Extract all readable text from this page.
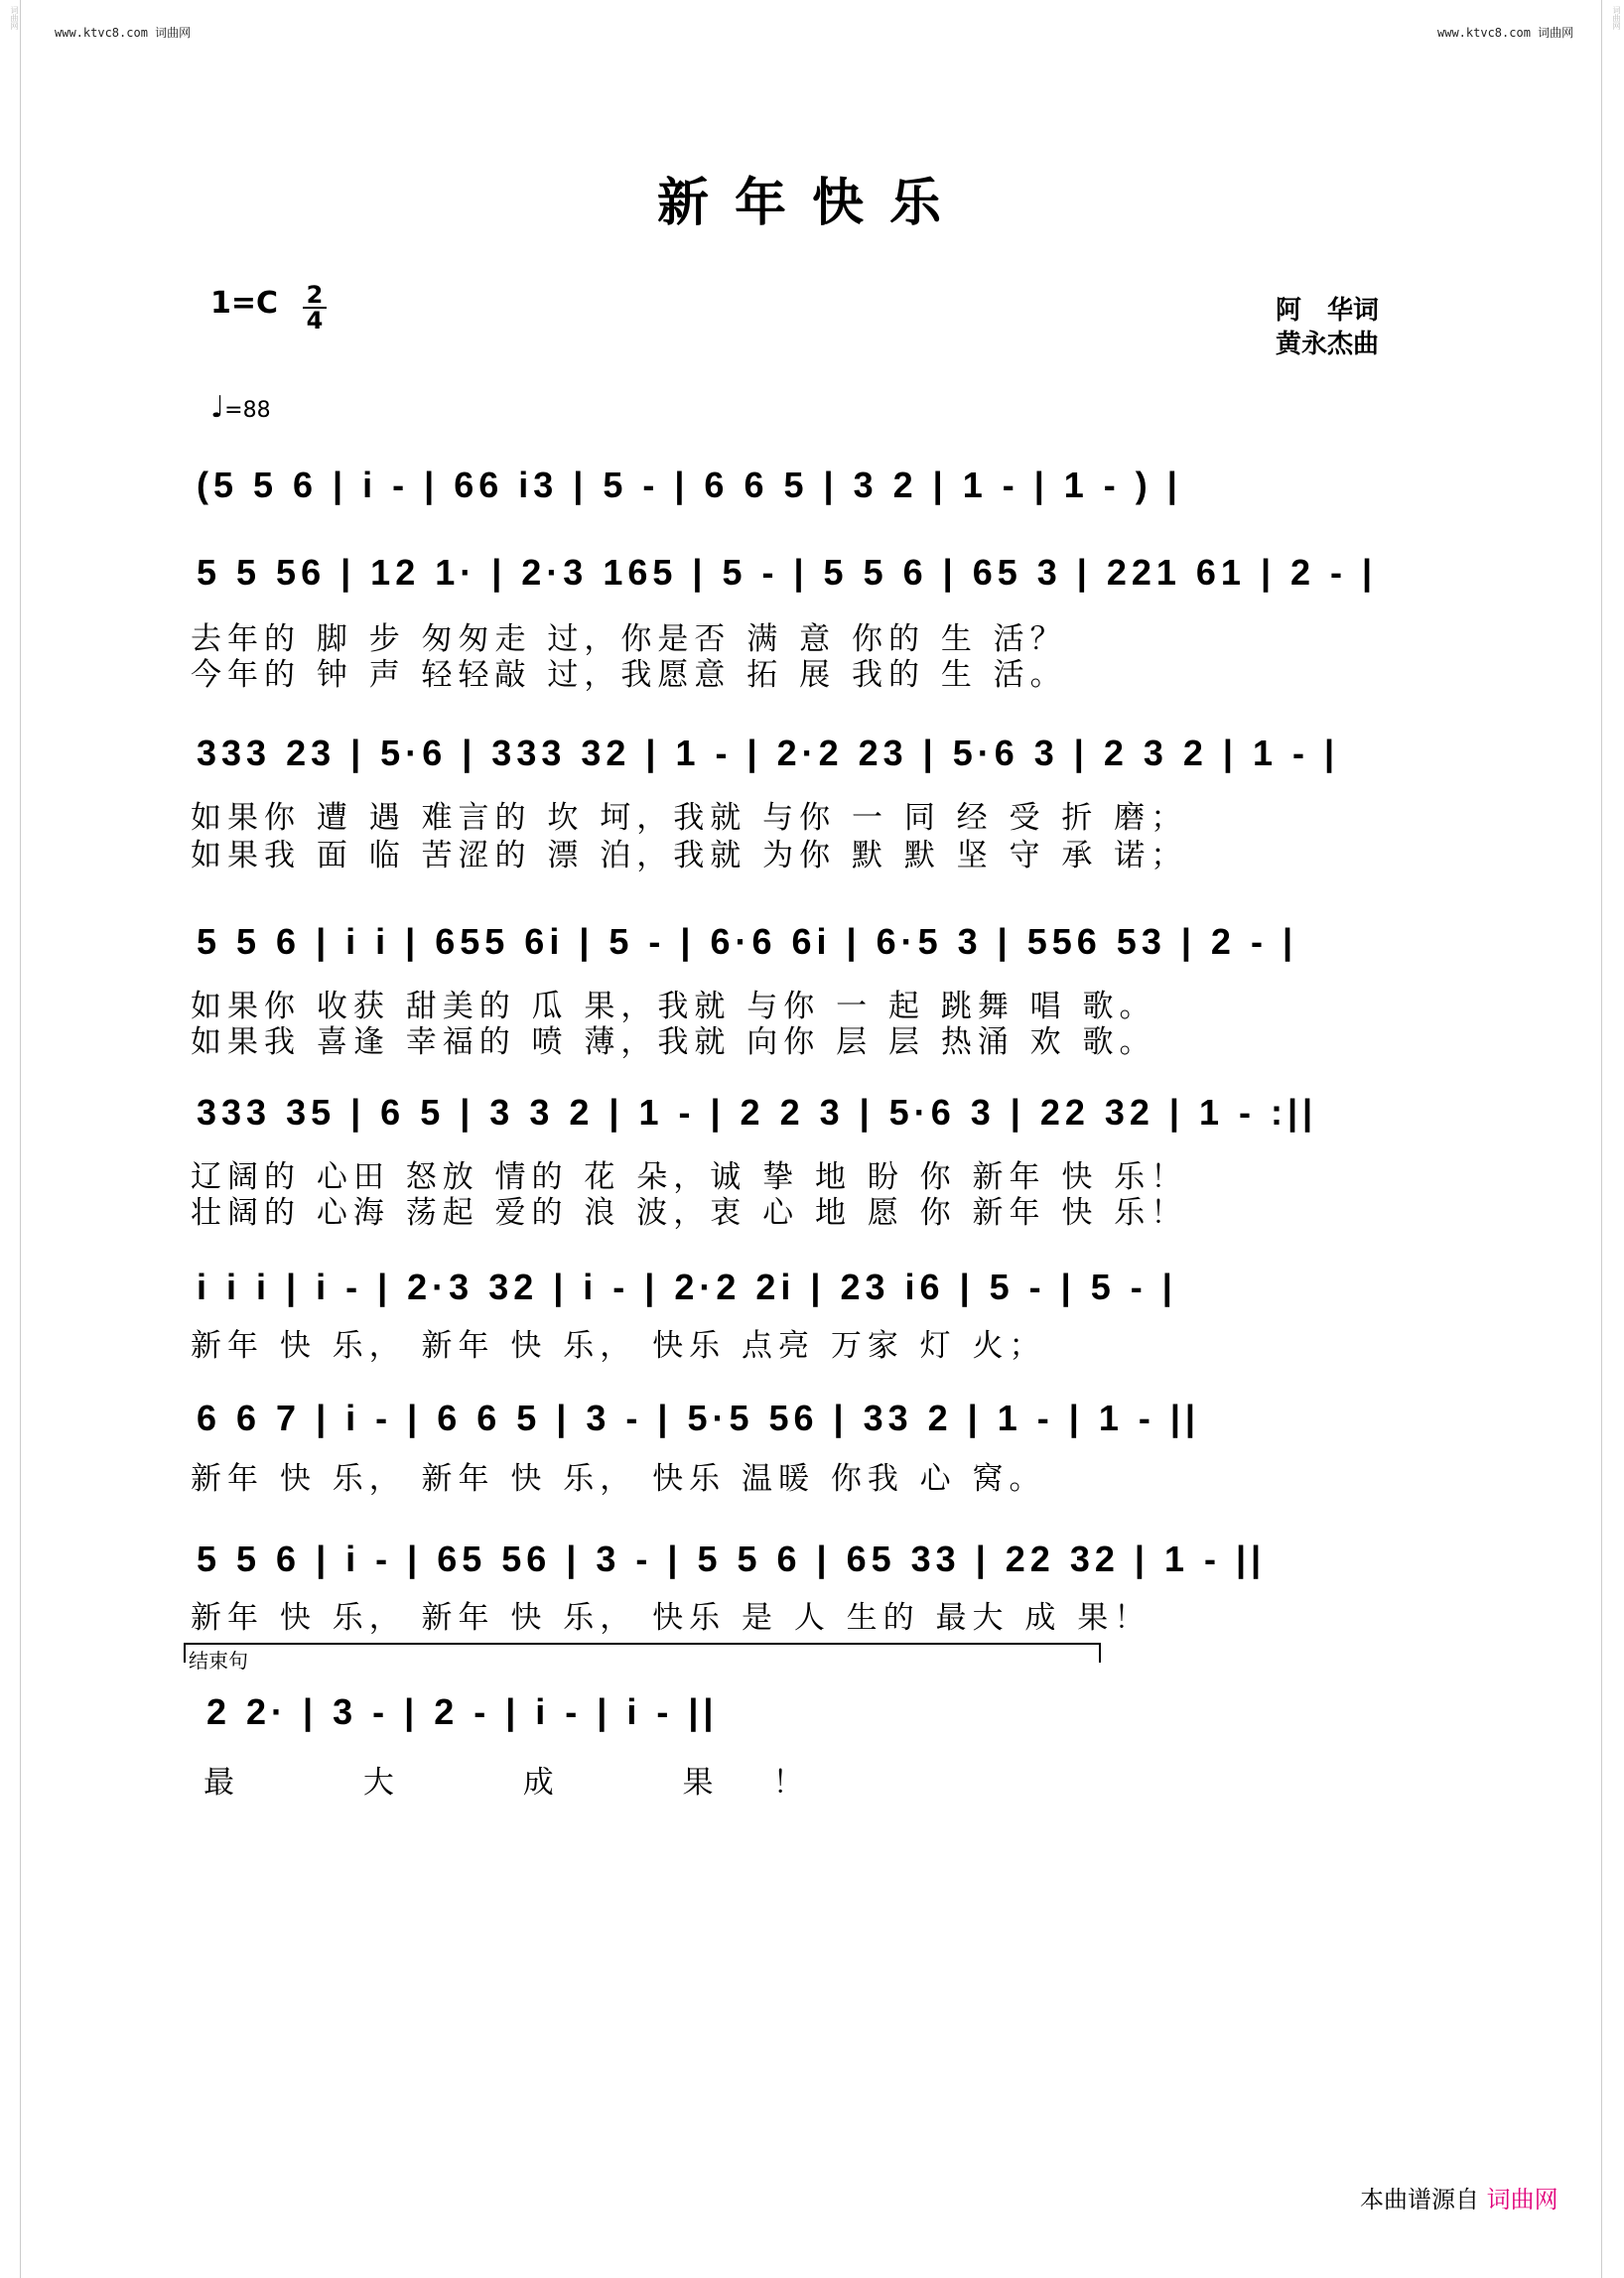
www.ktvc8.com 词曲网	www.ktvc8.com 词曲网
词曲网	词曲网
新年快乐
1=C 2
4	阿　华词
黄永杰曲
♩=88
(5 5 6 | i - | 66 i3 | 5 - | 6 6 5 | 3 2 | 1 - | 1 - ) |
5 5 56 | 12 1· | 2·3 165 | 5 - | 5 5 6 | 65 3 | 221 61 | 2 - |
去年的 脚 步 匆匆走 过，你是否 满 意 你的 生 活？
今年的 钟 声 轻轻敲 过，我愿意 拓 展 我的 生 活。
333 23 | 5·6 | 333 32 | 1 - | 2·2 23 | 5·6 3 | 2 3 2 | 1 - |
如果你 遭 遇 难言的 坎 坷，我就 与你 一 同 经 受 折 磨；
如果我 面 临 苦涩的 漂 泊，我就 为你 默 默 坚 守 承 诺；
5 5 6 | i i | 655 6i | 5 - | 6·6 6i | 6·5 3 | 556 53 | 2 - |
如果你 收获 甜美的 瓜 果，我就 与你 一 起 跳舞 唱 歌。
如果我 喜逢 幸福的 喷 薄，我就 向你 层 层 热涌 欢 歌。
333 35 | 6 5 | 3 3 2 | 1 - | 2 2 3 | 5·6 3 | 22 32 | 1 - :||
辽阔的 心田 怒放 情的 花 朵，诚 挚 地 盼 你 新年 快 乐！
壮阔的 心海 荡起 爱的 浪 波，衷 心 地 愿 你 新年 快 乐！
i i i | i - | 2·3 32 | i - | 2·2 2i | 23 i6 | 5 - | 5 - |
新年 快 乐， 新年 快 乐， 快乐 点亮 万家 灯 火；
6 6 7 | i - | 6 6 5 | 3 - | 5·5 56 | 33 2 | 1 - | 1 - ||
新年 快 乐， 新年 快 乐， 快乐 温暖 你我 心 窝。
5 5 6 | i - | 65 56 | 3 - | 5 5 6 | 65 33 | 22 32 | 1 - ||
新年 快 乐， 新年 快 乐， 快乐 是 人 生的 最大 成 果！
结束句
2 2· | 3 - | 2 - | i - | i - ||
最 大 成 果！
本曲谱源自 词曲网
